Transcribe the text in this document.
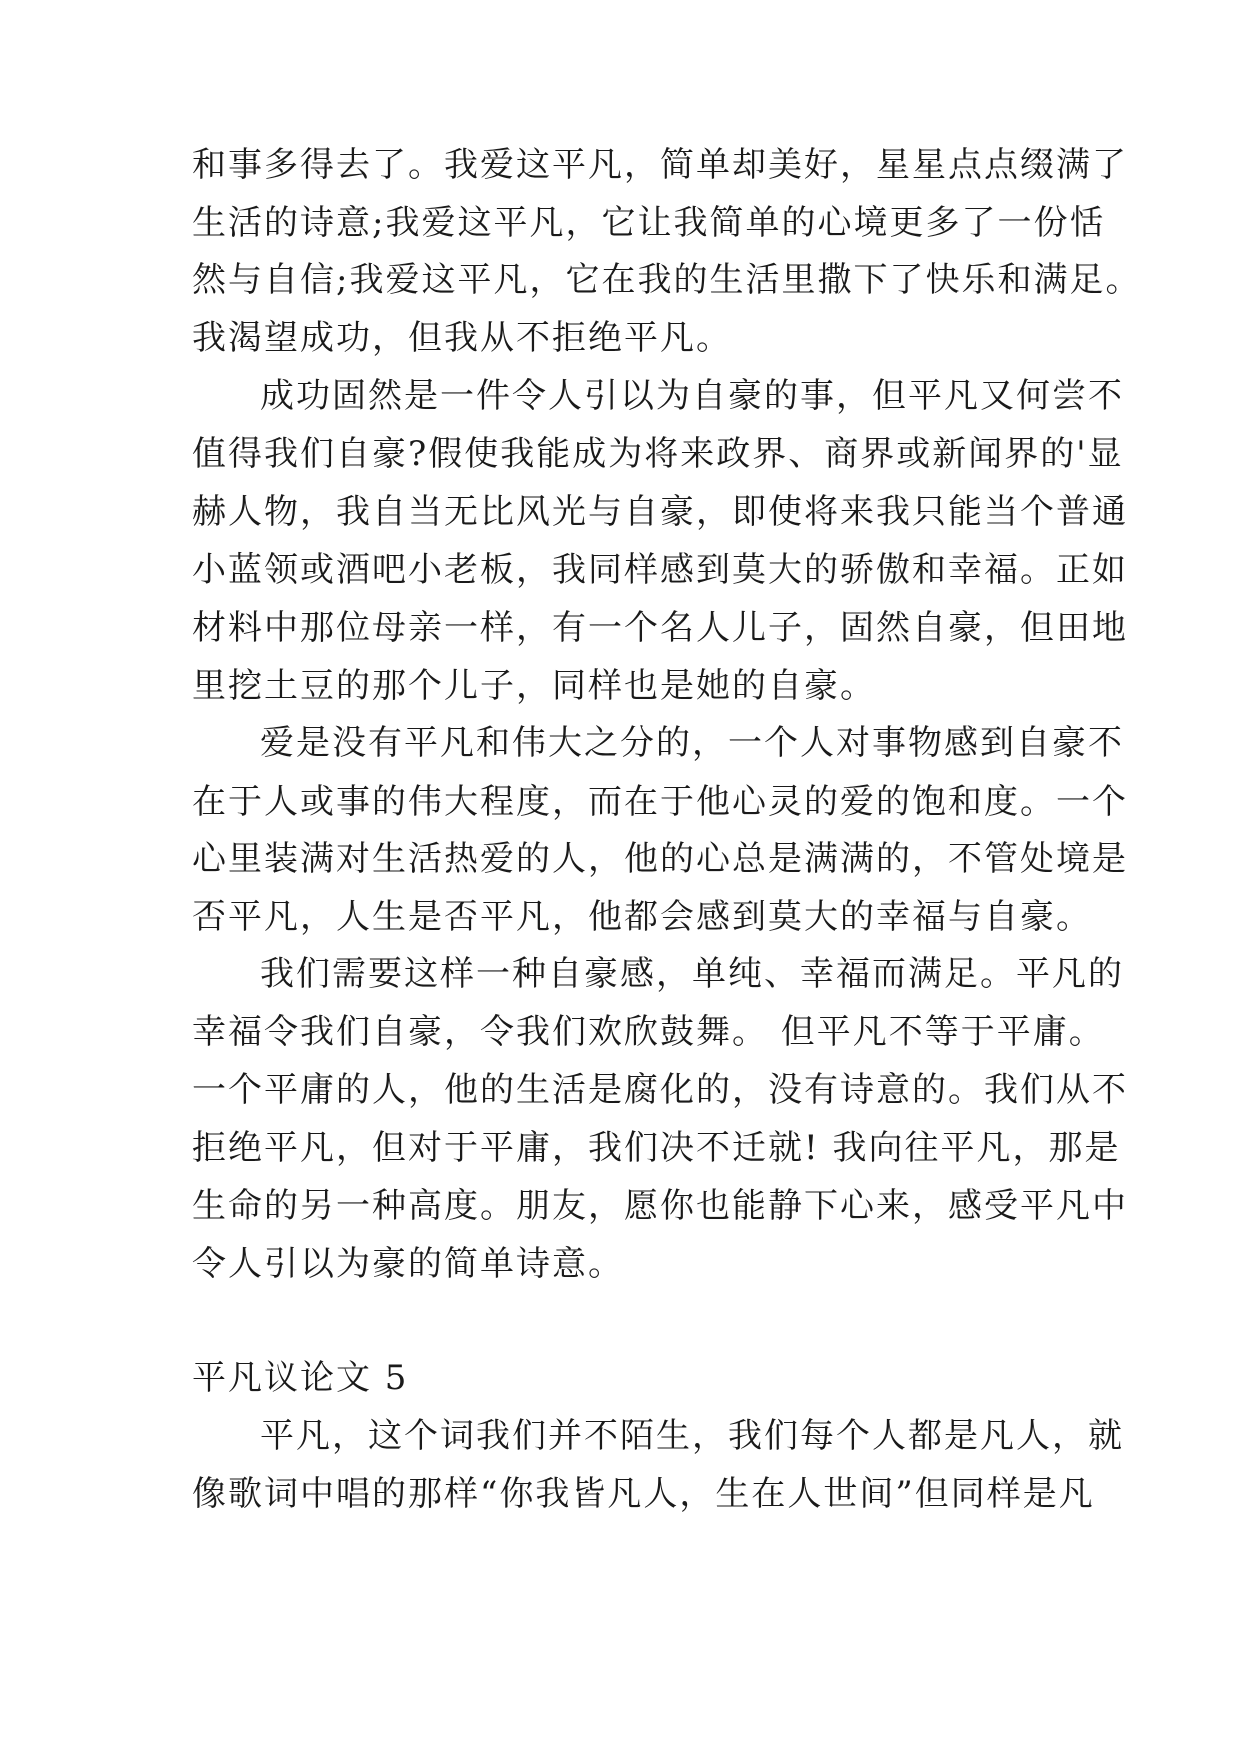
和事多得去了。我爱这平凡，简单却美好，星星点点缀满了
生活的诗意;我爱这平凡，它让我简单的心境更多了一份恬
然与自信;我爱这平凡，它在我的生活里撒下了快乐和满足。
我渴望成功，但我从不拒绝平凡。
成功固然是一件令人引以为自豪的事，但平凡又何尝不
值得我们自豪?假使我能成为将来政界、商界或新闻界的'显
赫人物，我自当无比风光与自豪，即使将来我只能当个普通
小蓝领或酒吧小老板，我同样感到莫大的骄傲和幸福。正如
材料中那位母亲一样，有一个名人儿子，固然自豪，但田地
里挖土豆的那个儿子，同样也是她的自豪。
爱是没有平凡和伟大之分的，一个人对事物感到自豪不
在于人或事的伟大程度，而在于他心灵的爱的饱和度。一个
心里装满对生活热爱的人，他的心总是满满的，不管处境是
否平凡，人生是否平凡，他都会感到莫大的幸福与自豪。
我们需要这样一种自豪感，单纯、幸福而满足。平凡的
幸福令我们自豪，令我们欢欣鼓舞。 但平凡不等于平庸。
一个平庸的人，他的生活是腐化的，没有诗意的。我们从不
拒绝平凡，但对于平庸，我们决不迁就! 我向往平凡，那是
生命的另一种高度。朋友，愿你也能静下心来，感受平凡中
令人引以为豪的简单诗意。
平凡议论文 5
平凡，这个词我们并不陌生，我们每个人都是凡人，就
像歌词中唱的那样“你我皆凡人，生在人世间”但同样是凡
